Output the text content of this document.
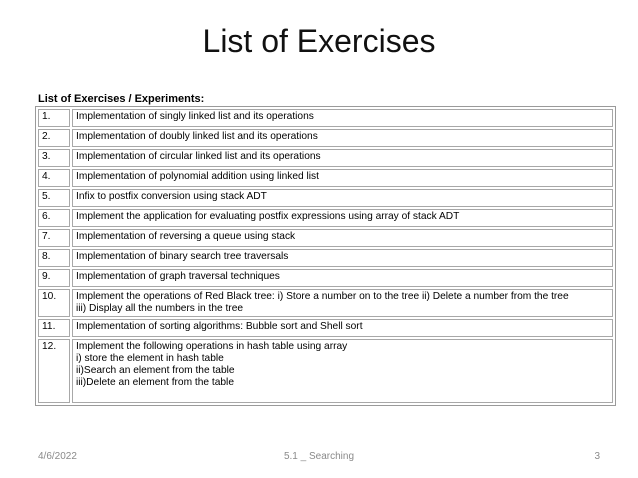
List of Exercises
List of Exercises / Experiments:
1.	Implementation of singly linked list and its operations

2.	Implementation of doubly linked list and its operations

3.	Implementation of circular linked list and its operations

4.	Implementation of polynomial addition using linked list

5.	Infix to postfix conversion using stack ADT

6.	Implement the application for evaluating postfix expressions using array of stack ADT

7.	Implementation of reversing a queue using stack

8.	Implementation of binary search tree traversals

9.	Implementation of graph traversal techniques

10.	Implement the operations of Red Black tree: i) Store a number on to the tree ii) Delete a number from the tree
iii) Display all the numbers in the tree

11.	Implementation of sorting algorithms: Bubble sort and Shell sort

12.	Implement the following operations in hash table using array
i) store the element in hash table
ii)Search an element from the table
iii)Delete an element from the table

4/6/2022	5.1 _ Searching	3
